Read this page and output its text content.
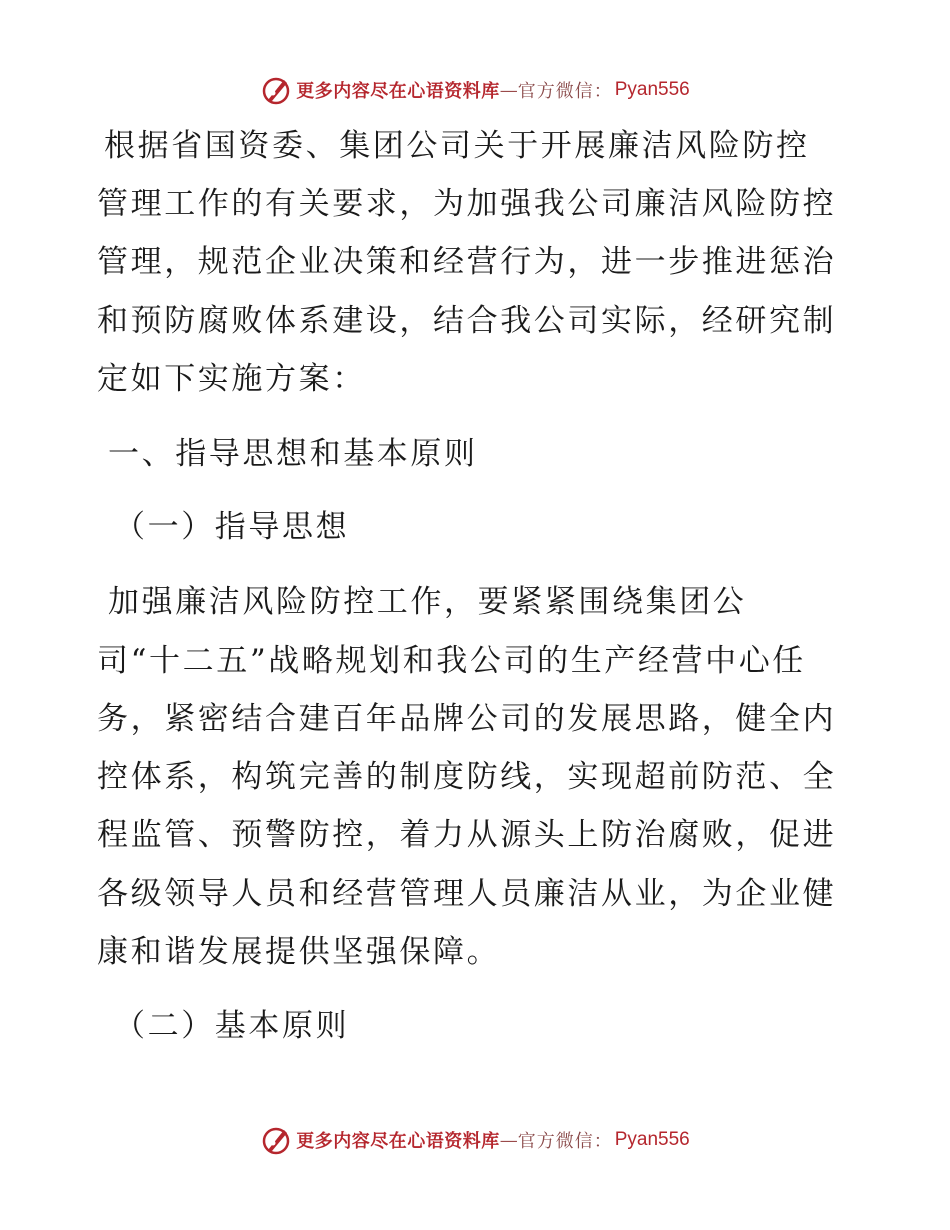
更多内容尽在心语资料库 — 官方微信： Pyan556

根据省国资委、集团公司关于开展廉洁风险防控

管理工作的有关要求，为加强我公司廉洁风险防控

管理，规范企业决策和经营行为，进一步推进惩治

和预防腐败体系建设，结合我公司实际，经研究制

定如下实施方案：

一、指导思想和基本原则

（一）指导思想

加强廉洁风险防控工作，要紧紧围绕集团公

司“十二五”战略规划和我公司的生产经营中心任

务，紧密结合建百年品牌公司的发展思路，健全内

控体系，构筑完善的制度防线，实现超前防范、全

程监管、预警防控，着力从源头上防治腐败，促进

各级领导人员和经营管理人员廉洁从业，为企业健

康和谐发展提供坚强保障。

（二）基本原则

更多内容尽在心语资料库 — 官方微信： Pyan556
